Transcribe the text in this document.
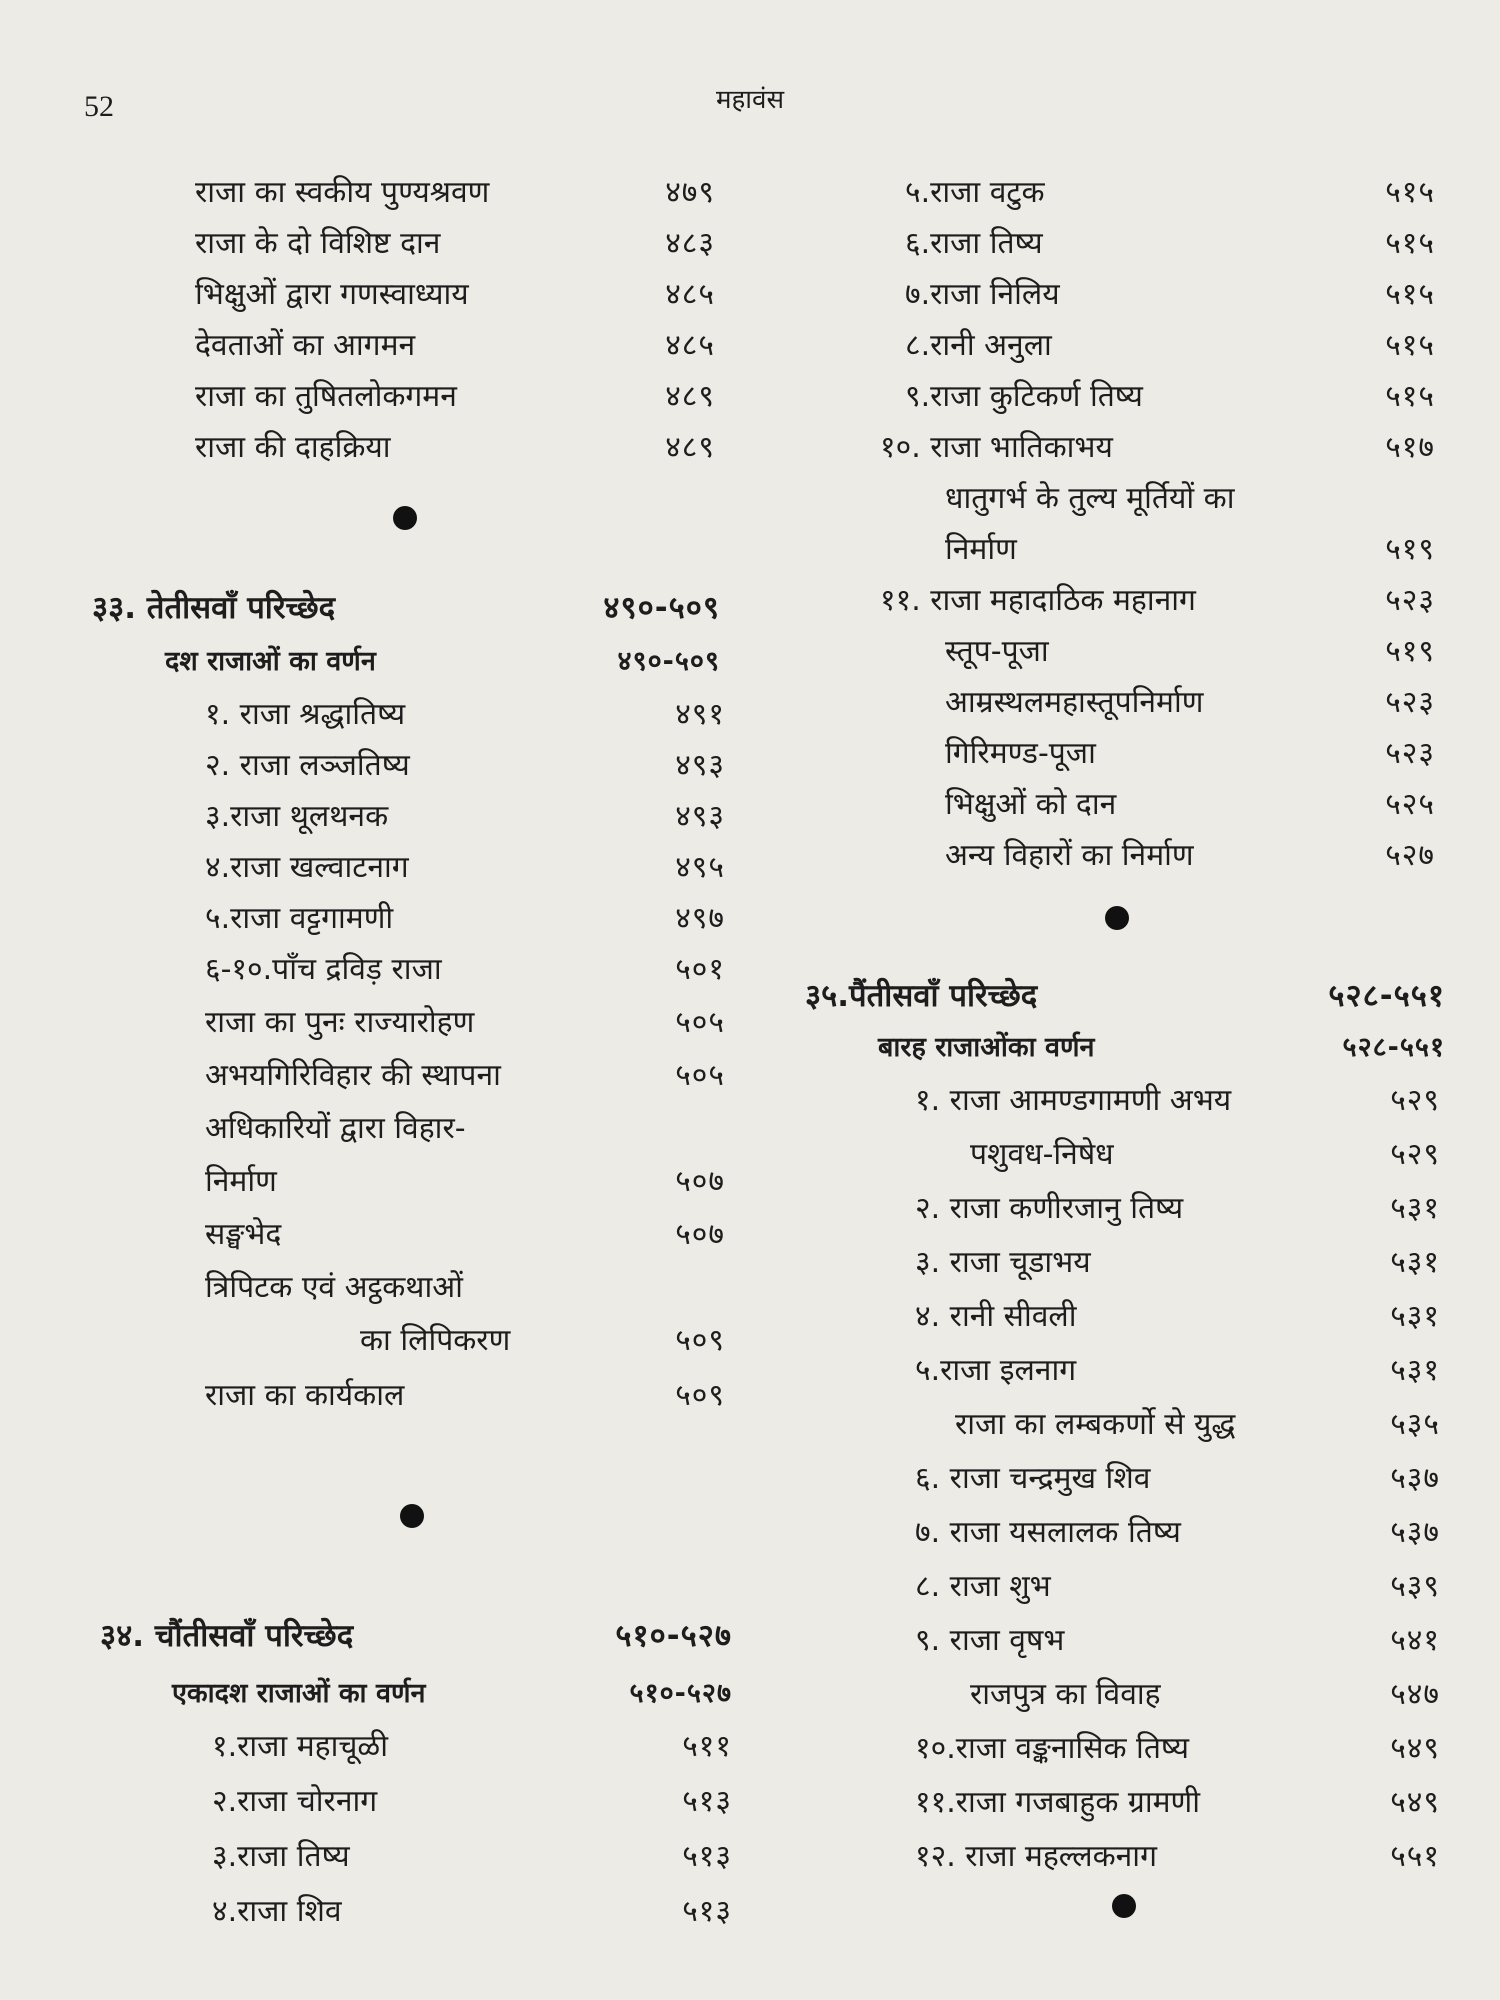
52	महावंस
राजा का स्वकीय पुण्यश्रवण	४७९
राजा के दो विशिष्ट दान	४८३
भिक्षुओं द्वारा गणस्वाध्याय	४८५
देवताओं का आगमन	४८५
राजा का तुषितलोकगमन	४८९
राजा की दाहक्रिया	४८९
३३. तेतीसवाँ परिच्छेद	४९०-५०९
दश राजाओं का वर्णन	४९०-५०९
१. राजा श्रद्धातिष्य	४९१
२. राजा लञ्जतिष्य	४९३
३.राजा थूलथनक	४९३
४.राजा खल्वाटनाग	४९५
५.राजा वट्टगामणी	४९७
६-१०.पाँच द्रविड़ राजा	५०१
राजा का पुनः राज्यारोहण	५०५
अभयगिरिविहार की स्थापना	५०५
अधिकारियों द्वारा विहार-
निर्माण	५०७
सङ्घभेद	५०७
त्रिपिटक एवं अट्ठकथाओं
का लिपिकरण	५०९
राजा का कार्यकाल	५०९
३४. चौंतीसवाँ परिच्छेद	५१०-५२७
एकादश राजाओं का वर्णन	५१०-५२७
१.राजा महाचूळी	५११
२.राजा चोरनाग	५१३
३.राजा तिष्य	५१३
४.राजा शिव	५१३
५.राजा वटुक	५१५
६.राजा तिष्य	५१५
७.राजा निलिय	५१५
८.रानी अनुला	५१५
९.राजा कुटिकर्ण तिष्य	५१५
१०. राजा भातिकाभय	५१७
धातुगर्भ के तुल्य मूर्तियों का
निर्माण	५१९
११. राजा महादाठिक महानाग	५२३
स्तूप-पूजा	५१९
आम्रस्थलमहास्तूपनिर्माण	५२३
गिरिमण्ड-पूजा	५२३
भिक्षुओं को दान	५२५
अन्य विहारों का निर्माण	५२७
३५.पैंतीसवाँ परिच्छेद	५२८-५५१
बारह राजाओंका वर्णन	५२८-५५१
१. राजा आमण्डगामणी अभय	५२९
पशुवध-निषेध	५२९
२. राजा कणीरजानु तिष्य	५३१
३. राजा चूडाभय	५३१
४. रानी सीवली	५३१
५.राजा इलनाग	५३१
राजा का लम्बकर्णो से युद्ध	५३५
६. राजा चन्द्रमुख शिव	५३७
७. राजा यसलालक तिष्य	५३७
८. राजा शुभ	५३९
९. राजा वृषभ	५४१
राजपुत्र का विवाह	५४७
१०.राजा वङ्कनासिक तिष्य	५४९
११.राजा गजबाहुक ग्रामणी	५४९
१२. राजा महल्लकनाग	५५१
